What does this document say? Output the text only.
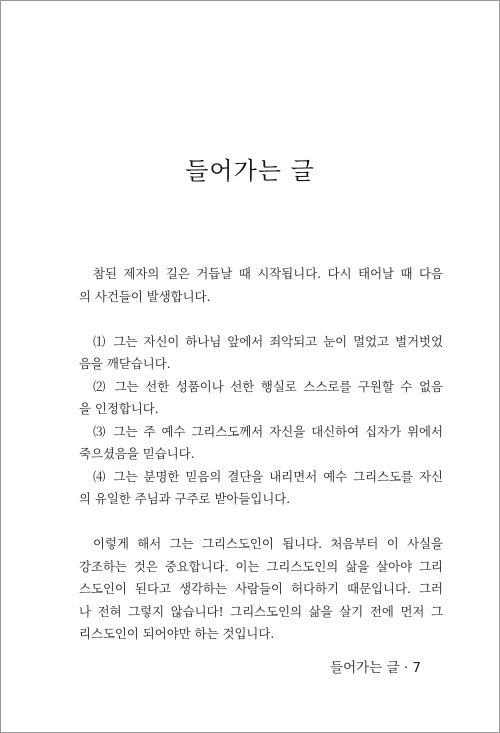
들어가는 글
참된 제자의 길은 거듭날 때 시작됩니다. 다시 태어날 때 다음
의 사건들이 발생합니다.
⑴ 그는 자신이 하나님 앞에서 죄악되고 눈이 멀었고 벌거벗었
음을 깨닫습니다.
⑵ 그는 선한 성품이나 선한 행실로 스스로를 구원할 수 없음
을 인정합니다.
⑶ 그는 주 예수 그리스도께서 자신을 대신하여 십자가 위에서
죽으셨음을 믿습니다.
⑷ 그는 분명한 믿음의 결단을 내리면서 예수 그리스도를 자신
의 유일한 주님과 구주로 받아들입니다.
이렇게 해서 그는 그리스도인이 됩니다. 처음부터 이 사실을
강조하는 것은 중요합니다. 이는 그리스도인의 삶을 살아야 그리
스도인이 된다고 생각하는 사람들이 허다하기 때문입니다. 그러
나 전혀 그렇지 않습니다! 그리스도인의 삶을 살기 전에 먼저 그
리스도인이 되어야만 하는 것입니다.
들어가는 글 · 7
